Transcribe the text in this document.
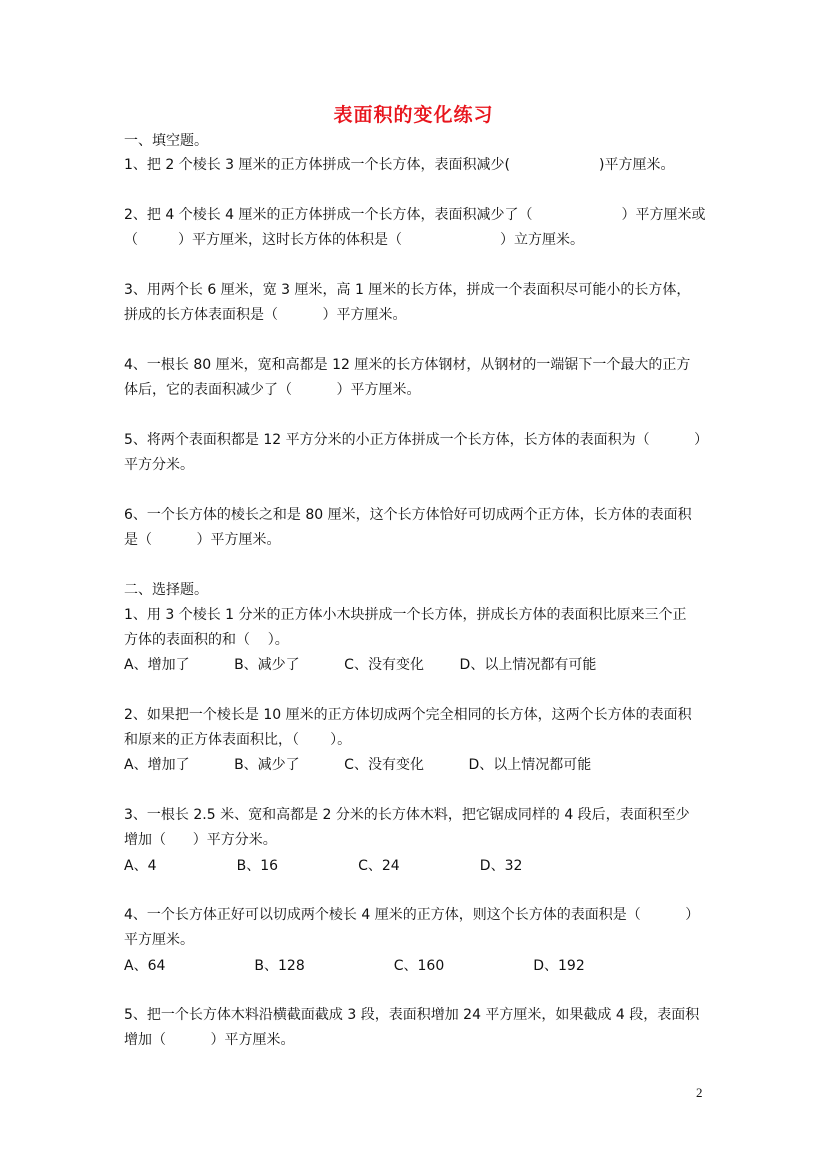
表面积的变化练习
一、填空题。
1、把 2 个棱长 3 厘米的正方体拼成一个长方体，表面积减少(                    )平方厘米。
2、把 4 个棱长 4 厘米的正方体拼成一个长方体，表面积减少了（                    ）平方厘米或
（         ）平方厘米，这时长方体的体积是（                      ）立方厘米。
3、用两个长 6 厘米，宽 3 厘米，高 1 厘米的长方体，拼成一个表面积尽可能小的长方体，
拼成的长方体表面积是（          ）平方厘米。
4、一根长 80 厘米，宽和高都是 12 厘米的长方体钢材，从钢材的一端锯下一个最大的正方
体后，它的表面积减少了（          ）平方厘米。
5、将两个表面积都是 12 平方分米的小正方体拼成一个长方体，长方体的表面积为（          ）
平方分米。
6、一个长方体的棱长之和是 80 厘米，这个长方体恰好可切成两个正方体，长方体的表面积
是（          ）平方厘米。
二、选择题。
1、用 3 个棱长 1 分米的正方体小木块拼成一个长方体，拼成长方体的表面积比原来三个正
方体的表面积的和（    ）。
A、增加了          B、减少了          C、没有变化        D、以上情况都有可能
2、如果把一个棱长是 10 厘米的正方体切成两个完全相同的长方体，这两个长方体的表面积
和原来的正方体表面积比，（       ）。
A、增加了          B、减少了          C、没有变化          D、以上情况都可能
3、一根长 2.5 米、宽和高都是 2 分米的长方体木料，把它锯成同样的 4 段后，表面积至少
增加（      ）平方分米。
A、4                  B、16                  C、24                  D、32
4、一个长方体正好可以切成两个棱长 4 厘米的正方体，则这个长方体的表面积是（          ）
平方厘米。
A、64                    B、128                    C、160                    D、192
5、把一个长方体木料沿横截面截成 3 段，表面积增加 24 平方厘米，如果截成 4 段，表面积
增加（          ）平方厘米。
2
